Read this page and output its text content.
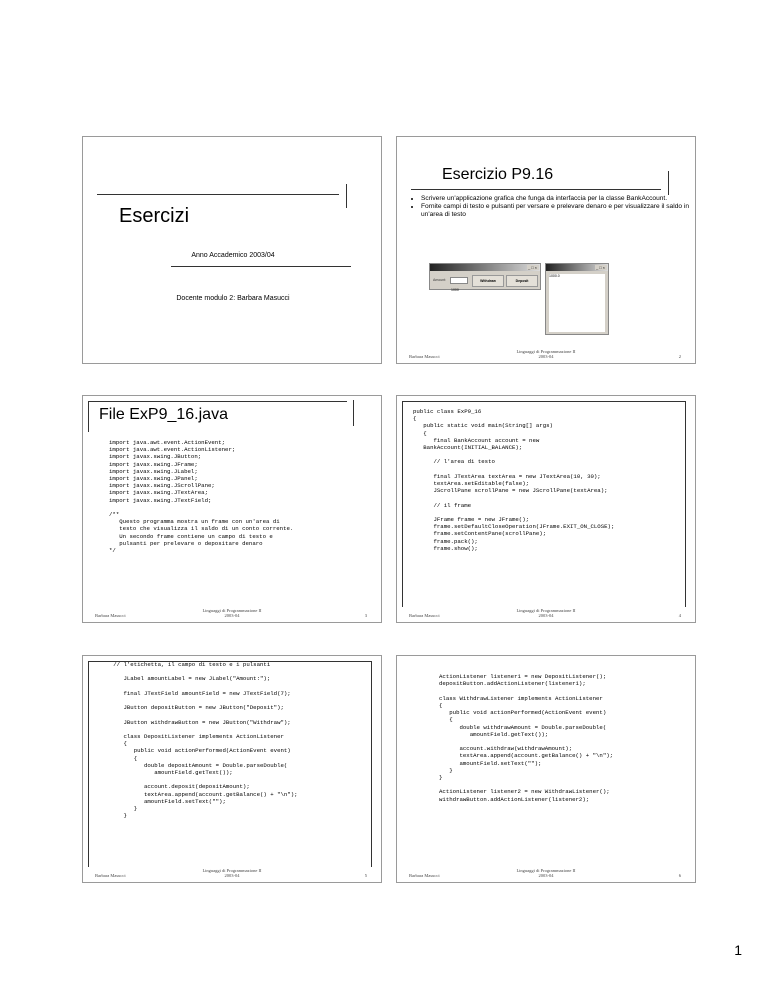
Esercizi
Anno Accademico 2003/04
Docente modulo 2: Barbara Masucci
Esercizio P9.16
• Scrivere un'applicazione grafica che funga da interfaccia per la classe BankAccount.
• Fornite campi di testo e pulsanti per versare e prelevare denaro e per visualizzare il saldo in un'area di testo
_□×
Amount:
1000
Withdraw	Deposit
_□×
1000.0
Barbara Masucci
Linguaggi di Programmazione II
2003-04	2
File ExP9_16.java
import java.awt.event.ActionEvent;
import java.awt.event.ActionListener;
import javax.swing.JButton;
import javax.swing.JFrame;
import javax.swing.JLabel;
import javax.swing.JPanel;
import javax.swing.JScrollPane;
import javax.swing.JTextArea;
import javax.swing.JTextField;

/**
Questo programma mostra un frame con un'area di
testo che visualizza il saldo di un conto corrente.
Un secondo frame contiene un campo di testo e
pulsanti per prelevare o depositare denaro
*/
Barbara Masucci
Linguaggi di Programmazione II
2003-04	3
public class ExP9_16
{
public static void main(String[] args)
{
final BankAccount account = new
BankAccount(INITIAL_BALANCE);

// l'area di testo

final JTextArea textArea = new JTextArea(10, 30);
textArea.setEditable(false);
JScrollPane scrollPane = new JScrollPane(textArea);

// il frame

JFrame frame = new JFrame();
frame.setDefaultCloseOperation(JFrame.EXIT_ON_CLOSE);
frame.setContentPane(scrollPane);
frame.pack();
frame.show();
Barbara Masucci
Linguaggi di Programmazione II
2003-04	4
// l'etichetta, il campo di testo e i pulsanti

JLabel amountLabel = new JLabel("Amount:");

final JTextField amountField = new JTextField(7);

JButton depositButton = new JButton("Deposit");

JButton withdrawButton = new JButton("Withdraw");

class DepositListener implements ActionListener
{
public void actionPerformed(ActionEvent event)
{
double depositAmount = Double.parseDouble(
amountField.getText());

account.deposit(depositAmount);
textArea.append(account.getBalance() + "\n");
amountField.setText("");
}
}
Barbara Masucci
Linguaggi di Programmazione II
2003-04	5

ActionListener listener1 = new DepositListener();
depositButton.addActionListener(listener1);

class WithdrawListener implements ActionListener
{
public void actionPerformed(ActionEvent event)
{
double withdrawAmount = Double.parseDouble(
amountField.getText());

account.withdraw(withdrawAmount);
textArea.append(account.getBalance() + "\n");
amountField.setText("");
}
}

ActionListener listener2 = new WithdrawListener();
withdrawButton.addActionListener(listener2);
Barbara Masucci
Linguaggi di Programmazione II
2003-04	6
1
